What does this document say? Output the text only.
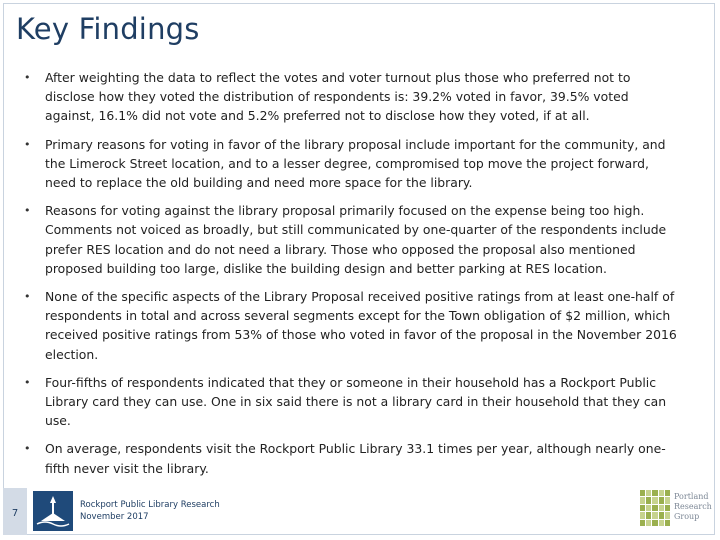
Key Findings
• After weighting the data to reflect the votes and voter turnout plus those who preferred not to disclose how they voted the distribution of respondents is: 39.2% voted in favor, 39.5% voted against, 16.1% did not vote and 5.2% preferred not to disclose how they voted, if at all.
• Primary reasons for voting in favor of the library proposal include important for the community, and the Limerock Street location, and to a lesser degree, compromised top move the project forward, need to replace the old building and need more space for the library.
• Reasons for voting against the library proposal primarily focused on the expense being too high. Comments not voiced as broadly, but still communicated by one-quarter of the respondents include prefer RES location and do not need a library. Those who opposed the proposal also mentioned proposed building too large, dislike the building design and better parking at RES location.
• None of the specific aspects of the Library Proposal received positive ratings from at least one-half of respondents in total and across several segments except for the Town obligation of $2 million, which received positive ratings from 53% of those who voted in favor of the proposal in the November 2016 election.
• Four-fifths of respondents indicated that they or someone in their household has a Rockport Public Library card they can use. One in six said there is not a library card in their household that they can use.
• On average, respondents visit the Rockport Public Library 33.1 times per year, although nearly one-fifth never visit the library.
7
Rockport Public Library Research
November 2017
Portland
Research
Group
